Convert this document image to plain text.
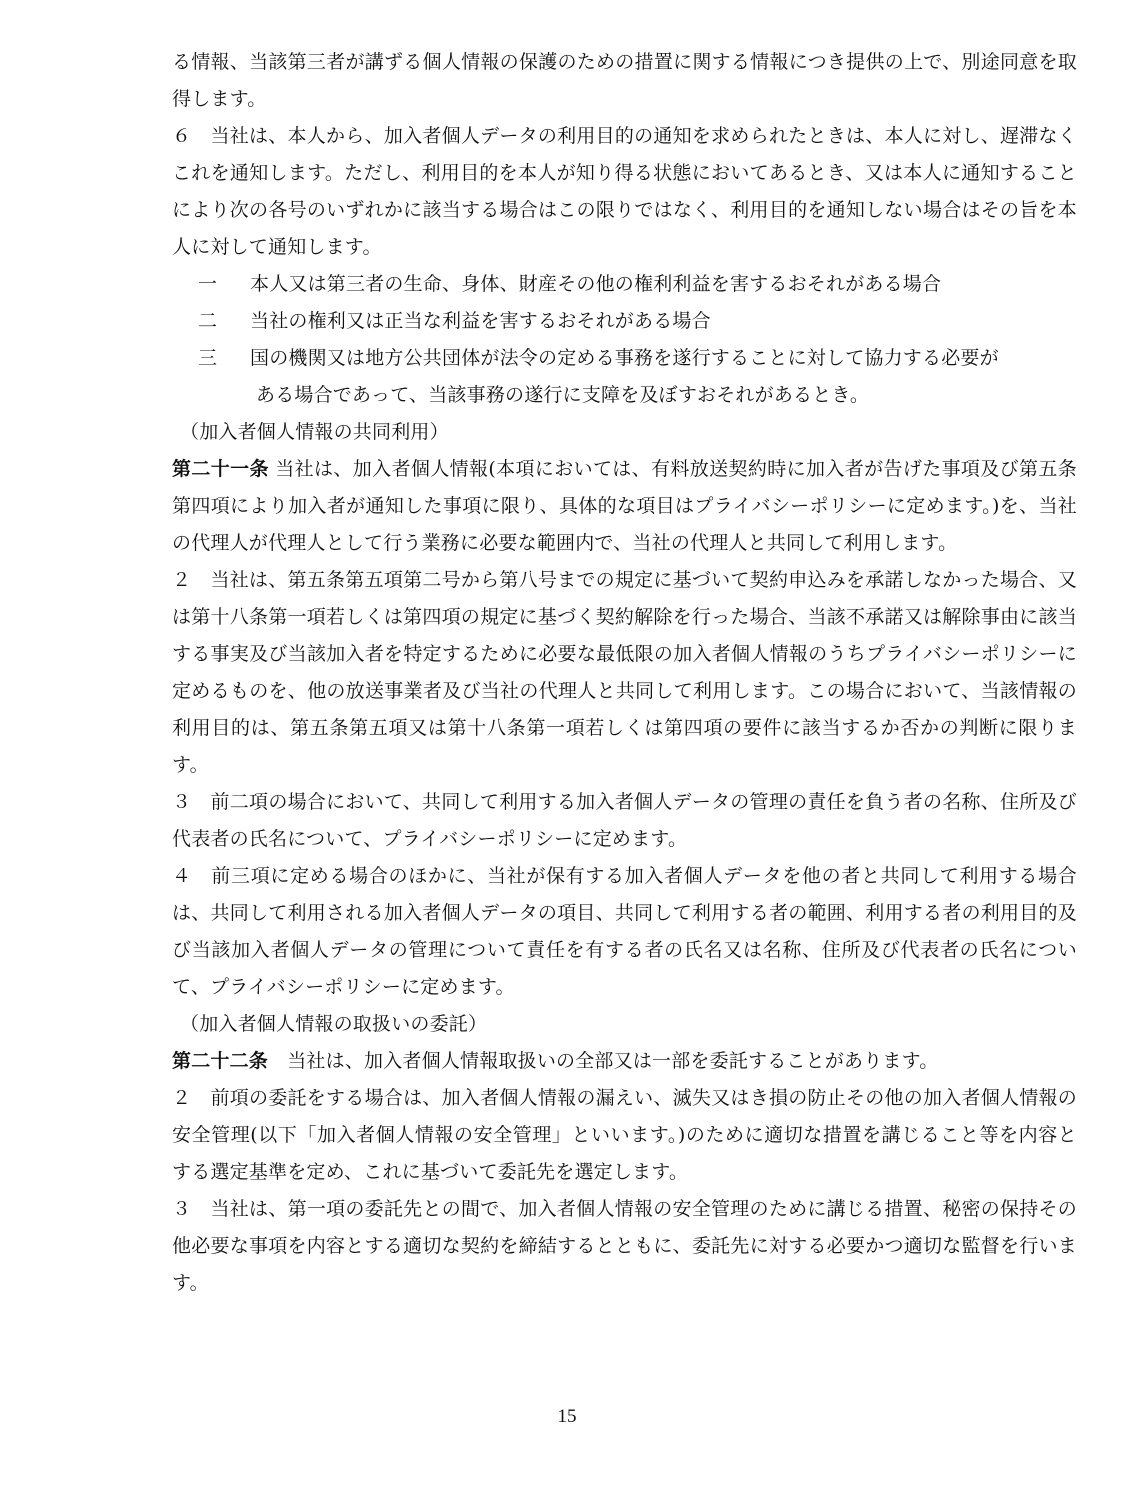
る情報、当該第三者が講ずる個人情報の保護のための措置に関する情報につき提供の上で、別途同意を取得します。

６　当社は、本人から、加入者個人データの利用目的の通知を求められたときは、本人に対し、遅滞なくこれを通知します。ただし、利用目的を本人が知り得る状態においてあるとき、又は本人に通知することにより次の各号のいずれかに該当する場合はこの限りではなく、利用目的を通知しない場合はその旨を本人に対して通知します。

一	本人又は第三者の生命、身体、財産その他の権利利益を害するおそれがある場合
二	当社の権利又は正当な利益を害するおそれがある場合
三	国の機関又は地方公共団体が法令の定める事務を遂行することに対して協力する必要が
ある場合であって、当該事務の遂行に支障を及ぼすおそれがあるとき。

（加入者個人情報の共同利用）

第二十一条 当社は、加入者個人情報(本項においては、有料放送契約時に加入者が告げた事項及び第五条第四項により加入者が通知した事項に限り、具体的な項目はプライバシーポリシーに定めます。)を、当社の代理人が代理人として行う業務に必要な範囲内で、当社の代理人と共同して利用します。

２　当社は、第五条第五項第二号から第八号までの規定に基づいて契約申込みを承諾しなかった場合、又は第十八条第一項若しくは第四項の規定に基づく契約解除を行った場合、当該不承諾又は解除事由に該当する事実及び当該加入者を特定するために必要な最低限の加入者個人情報のうちプライバシーポリシーに定めるものを、他の放送事業者及び当社の代理人と共同して利用します。この場合において、当該情報の利用目的は、第五条第五項又は第十八条第一項若しくは第四項の要件に該当するか否かの判断に限ります。

３　前二項の場合において、共同して利用する加入者個人データの管理の責任を負う者の名称、住所及び代表者の氏名について、プライバシーポリシーに定めます。

４　前三項に定める場合のほかに、当社が保有する加入者個人データを他の者と共同して利用する場合は、共同して利用される加入者個人データの項目、共同して利用する者の範囲、利用する者の利用目的及び当該加入者個人データの管理について責任を有する者の氏名又は名称、住所及び代表者の氏名について、プライバシーポリシーに定めます。

（加入者個人情報の取扱いの委託）

第二十二条　 当社は、加入者個人情報取扱いの全部又は一部を委託することがあります。

２　前項の委託をする場合は、加入者個人情報の漏えい、滅失又はき損の防止その他の加入者個人情報の安全管理(以下「加入者個人情報の安全管理」といいます。)のために適切な措置を講じること等を内容とする選定基準を定め、これに基づいて委託先を選定します。

３　当社は、第一項の委託先との間で、加入者個人情報の安全管理のために講じる措置、秘密の保持その他必要な事項を内容とする適切な契約を締結するとともに、委託先に対する必要かつ適切な監督を行います。

15
